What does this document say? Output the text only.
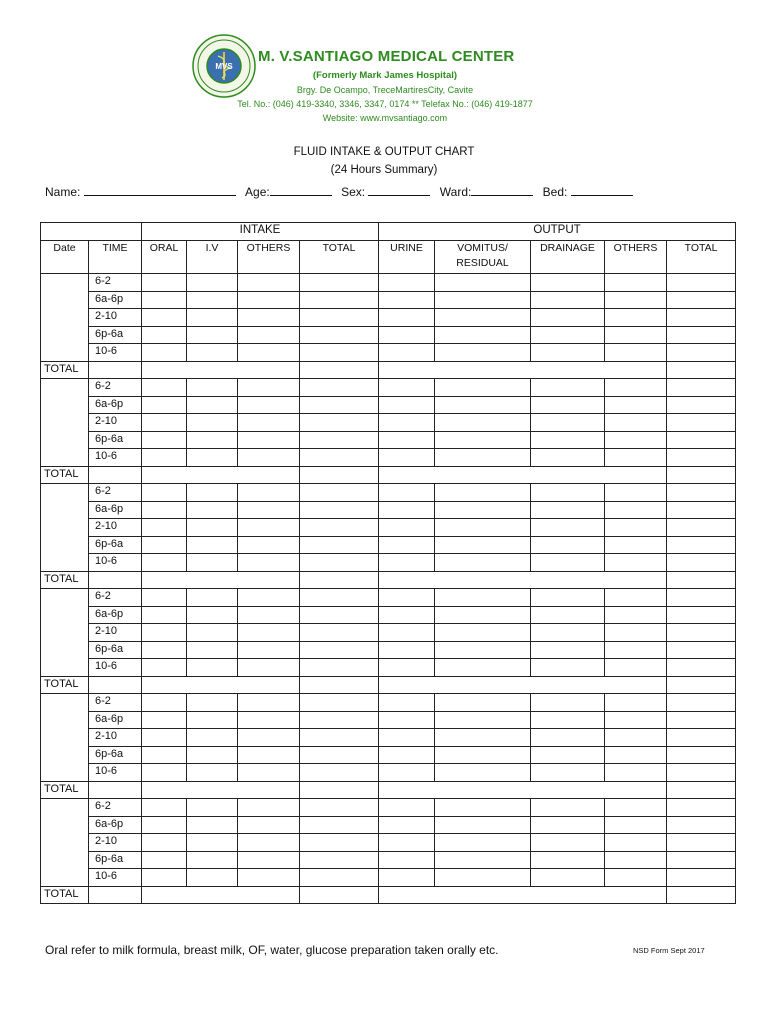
MVS
M. V.SANTIAGO MEDICAL CENTER
(Formerly Mark James Hospital)
Brgy. De Ocampo, TreceMartiresCity, Cavite
Tel. No.: (046) 419-3340, 3346, 3347, 0174 ** Telefax No.: (046) 419-1877
Website: www.mvsantiago.com
FLUID INTAKE & OUTPUT CHART
(24 Hours Summary)
Name:	Age:	Sex:	Ward:	Bed:
		INTAKE				OUTPUT				
Date	TIME	ORAL	I.V	OTHERS	TOTAL	URINE	VOMITUS/ RESIDUAL	DRAINAGE	OTHERS	TOTAL
	6-2									
	6a-6p									
	2-10									
	6p-6a									
	10-6									
TOTAL										
	6-2									
	6a-6p									
	2-10									
	6p-6a									
	10-6									
TOTAL										
	6-2									
	6a-6p									
	2-10									
	6p-6a									
	10-6									
TOTAL										
	6-2									
	6a-6p									
	2-10									
	6p-6a									
	10-6									
TOTAL										
	6-2									
	6a-6p									
	2-10									
	6p-6a									
	10-6									
TOTAL										
	6-2									
	6a-6p									
	2-10									
	6p-6a									
	10-6									
TOTAL										
Oral refer to milk formula, breast milk, OF, water, glucose preparation taken orally etc.	NSD Form Sept 2017
